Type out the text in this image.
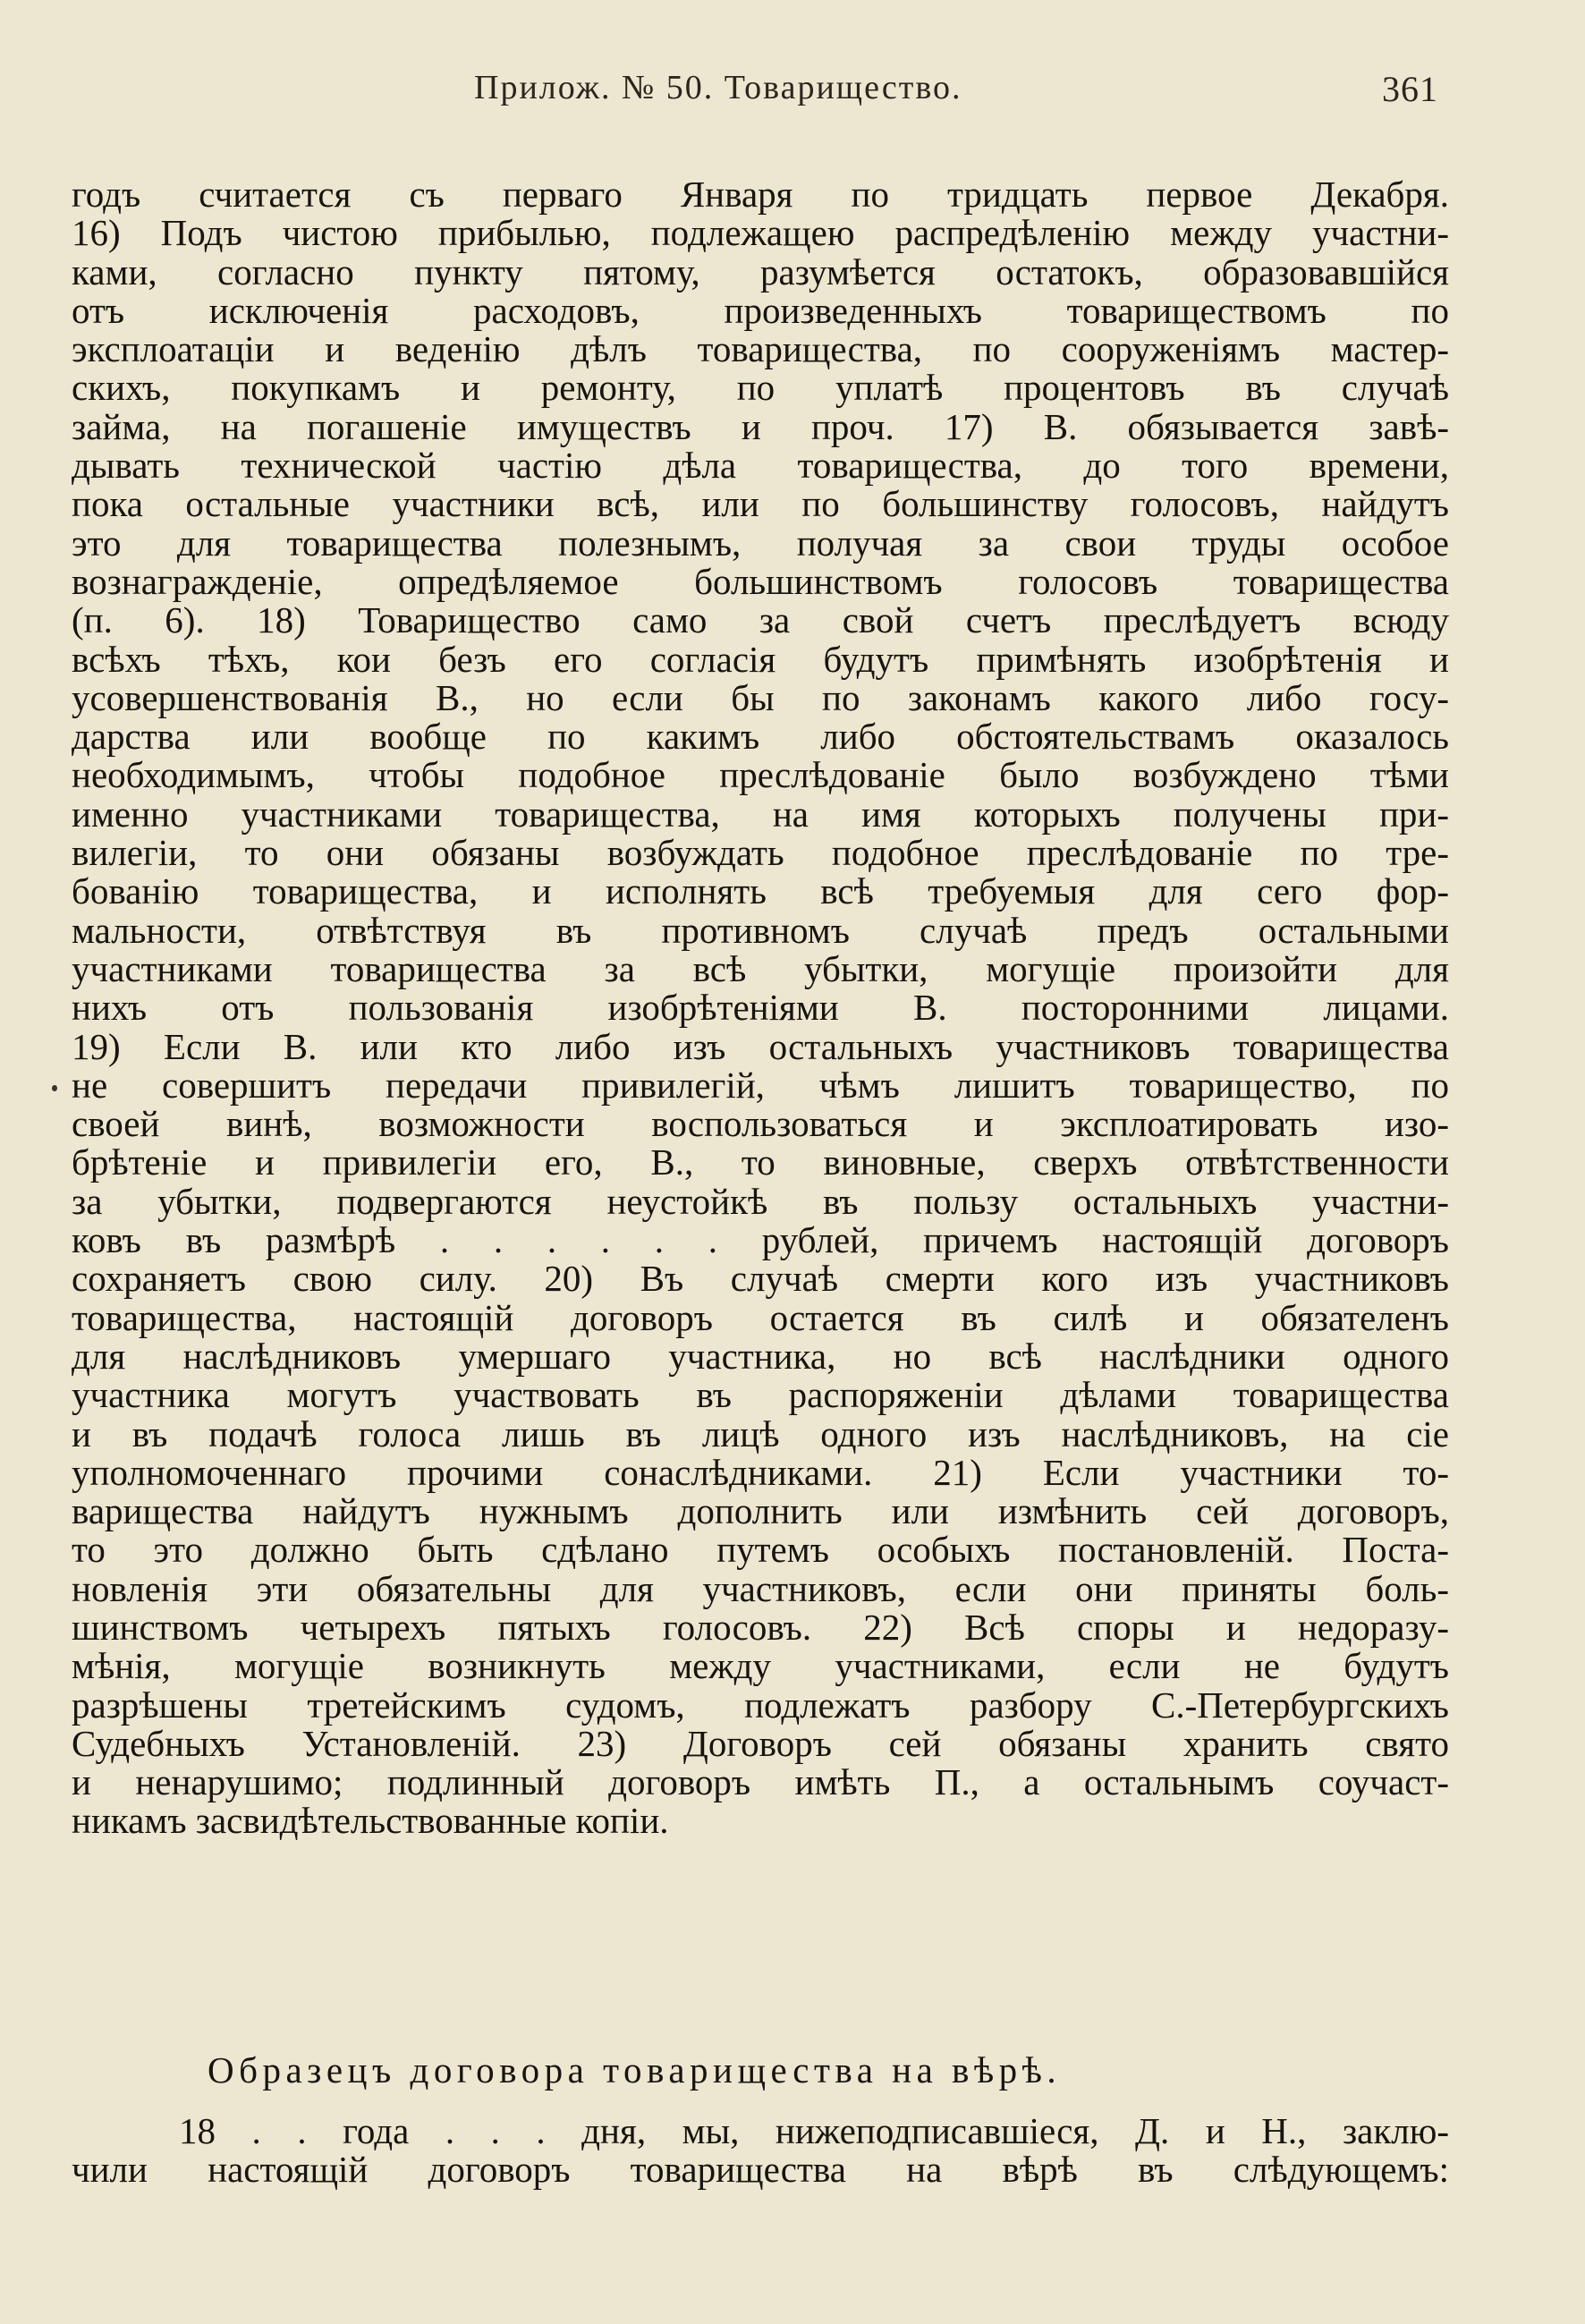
Прилож. № 50. Товарищество.	361
годъ считается съ перваго Января по тридцать первое Декабря.
16) Подъ чистою прибылью, подлежащею распредѣленію между участни-
ками, согласно пункту пятому, разумѣется остатокъ, образовавшійся
отъ исключенія расходовъ, произведенныхъ товариществомъ по
эксплоатаціи и веденію дѣлъ товарищества, по сооруженіямъ мастер-
скихъ, покупкамъ и ремонту, по уплатѣ процентовъ въ случаѣ
займа, на погашеніе имуществъ и проч. 17) В. обязывается завѣ-
дывать технической частію дѣла товарищества, до того времени,
пока остальные участники всѣ, или по большинству голосовъ, найдутъ
это для товарищества полезнымъ, получая за свои труды особое
вознагражденіе, опредѣляемое большинствомъ голосовъ товарищества
(п. 6). 18) Товарищество само за свой счетъ преслѣдуетъ всюду
всѣхъ тѣхъ, кои безъ его согласія будутъ примѣнять изобрѣтенія и
усовершенствованія В., но если бы по законамъ какого либо госу-
дарства или вообще по какимъ либо обстоятельствамъ оказалось
необходимымъ, чтобы подобное преслѣдованіе было возбуждено тѣми
именно участниками товарищества, на имя которыхъ получены при-
вилегіи, то они обязаны возбуждать подобное преслѣдованіе по тре-
бованію товарищества, и исполнять всѣ требуемыя для сего фор-
мальности, отвѣтствуя въ противномъ случаѣ предъ остальными
участниками товарищества за всѣ убытки, могущіе произойти для
нихъ отъ пользованія изобрѣтеніями В. посторонними лицами.
19) Если В. или кто либо изъ остальныхъ участниковъ товарищества
не совершитъ передачи привилегій, чѣмъ лишитъ товарищество, по
своей винѣ, возможности воспользоваться и эксплоатировать изо-
брѣтеніе и привилегіи его, В., то виновные, сверхъ отвѣтственности
за убытки, подвергаются неустойкѣ въ пользу остальныхъ участни-
ковъ въ размѣрѣ . . . . . . рублей, причемъ настоящій договоръ
сохраняетъ свою силу. 20) Въ случаѣ смерти кого изъ участниковъ
товарищества, настоящій договоръ остается въ силѣ и обязателенъ
для наслѣдниковъ умершаго участника, но всѣ наслѣдники одного
участника могутъ участвовать въ распоряженіи дѣлами товарищества
и въ подачѣ голоса лишь въ лицѣ одного изъ наслѣдниковъ, на сіе
уполномоченнаго прочими сонаслѣдниками. 21) Если участники то-
варищества найдутъ нужнымъ дополнить или измѣнить сей договоръ,
то это должно быть сдѣлано путемъ особыхъ постановленій. Поста-
новленія эти обязательны для участниковъ, если они приняты боль-
шинствомъ четырехъ пятыхъ голосовъ. 22) Всѣ споры и недоразу-
мѣнія, могущіе возникнуть между участниками, если не будутъ
разрѣшены третейскимъ судомъ, подлежатъ разбору С.-Петербургскихъ
Судебныхъ Установленій. 23) Договоръ сей обязаны хранить свято
и ненарушимо; подлинный договоръ имѣть П., а остальнымъ соучаст-
никамъ засвидѣтельствованные копіи.
Образецъ договора товарищества на вѣрѣ.
18 . . года . . . дня, мы, нижеподписавшіеся, Д. и Н., заклю-
чили настоящій договоръ товарищества на вѣрѣ въ слѣдующемъ:
